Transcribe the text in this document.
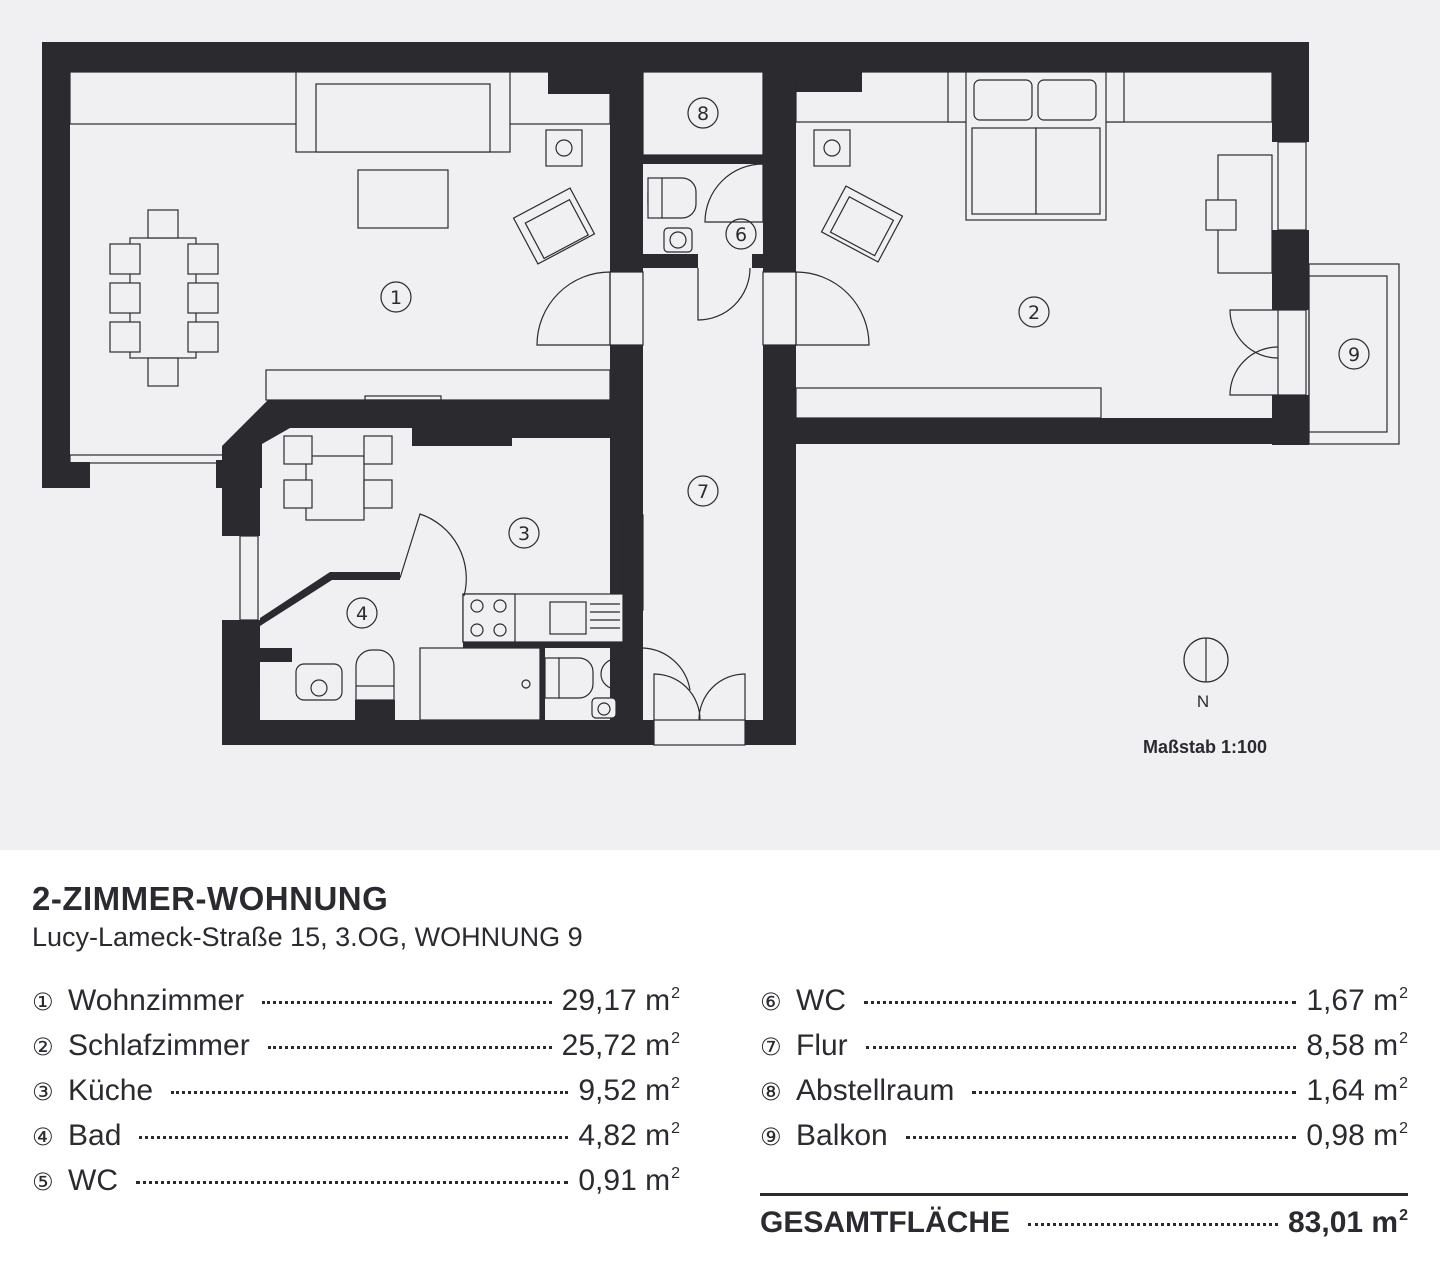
1
2
3
4
5
6
7
8
9
N
Maßstab 1:100
2-ZIMMER-WOHNUNG
Lucy-Lameck-Straße 15, 3.OG, WOHNUNG 9
① Wohnzimmer	29,17 $m^2$
② Schlafzimmer	25,72 $m^2$
③ Küche	9,52 $m^2$
④ Bad	4,82 $m^2$
⑤ WC	0,91 $m^2$
⑥ WC	1,67 $m^2$
⑦ Flur	8,58 $m^2$
⑧ Abstellraum	1,64 $m^2$
⑨ Balkon	0,98 $m^2$
GESAMTFLÄCHE	83,01 $m^2$
